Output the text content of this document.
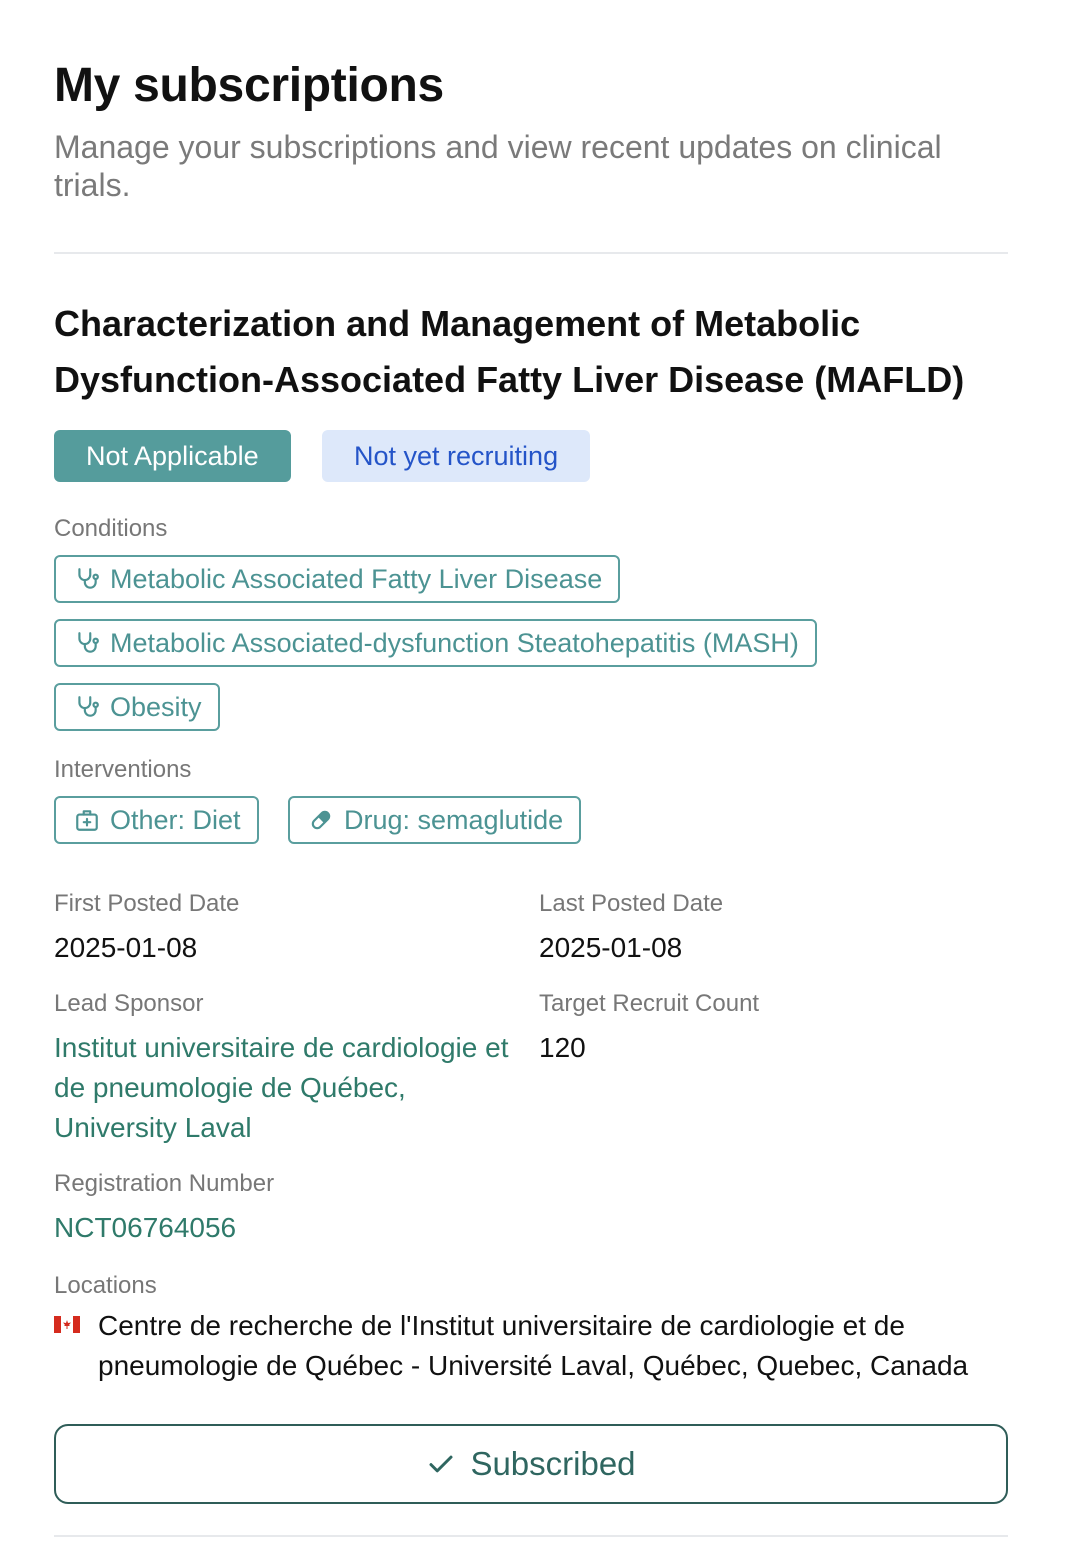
My subscriptions

Manage your subscriptions and view recent updates on clinical trials.

Characterization and Management of Metabolic Dysfunction-Associated Fatty Liver Disease (MAFLD)
Not Applicable	Not yet recruiting
Conditions
Metabolic Associated Fatty Liver Disease
Metabolic Associated-dysfunction Steatohepatitis (MASH)
Obesity
Interventions
Other: Diet	Drug: semaglutide
First Posted Date
2025-01-08
Last Posted Date
2025-01-08
Lead Sponsor
Institut universitaire de cardiologie et de pneumologie de Québec, University Laval
Target Recruit Count
120
Registration Number
NCT06764056
Locations
Centre de recherche de l'Institut universitaire de cardiologie et de pneumologie de Québec - Université Laval, Québec, Quebec, Canada
Subscribed
